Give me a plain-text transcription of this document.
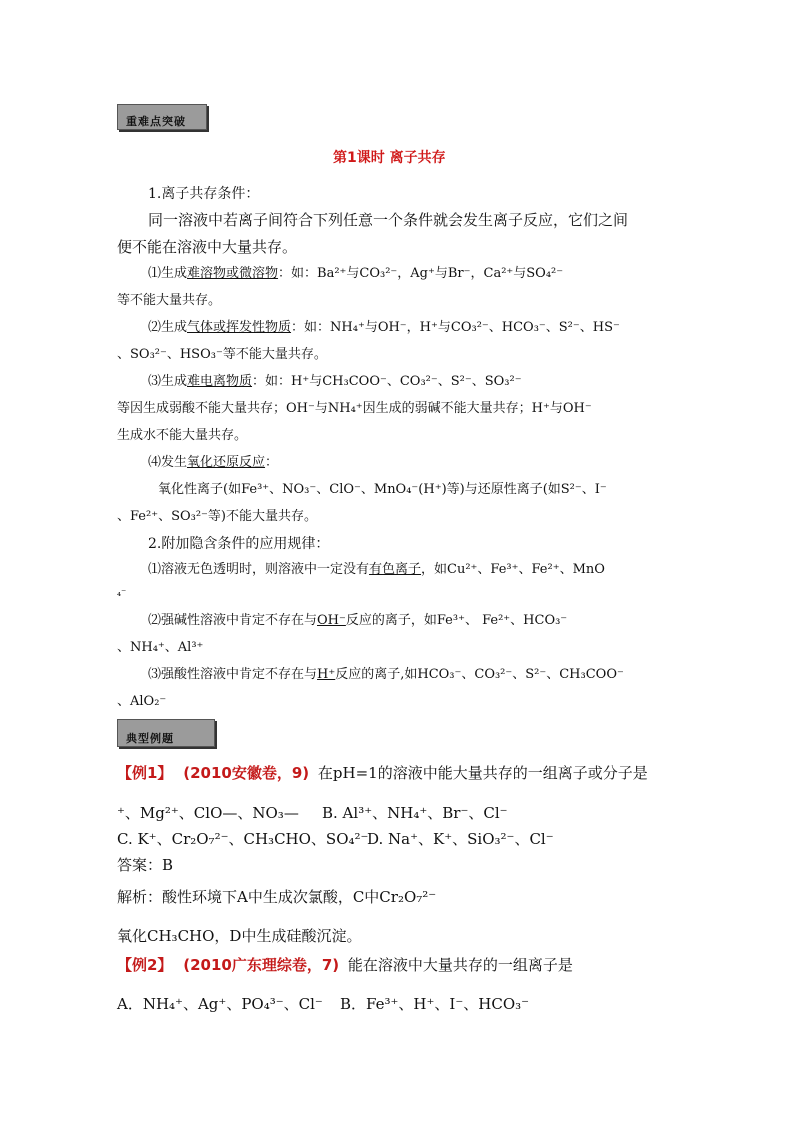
重难点突破
第1课时 离子共存
1.离子共存条件：
同一溶液中若离子间符合下列任意一个条件就会发生离子反应，它们之间
便不能在溶液中大量共存。
⑴生成难溶物或微溶物：如：Ba²⁺与CO₃²⁻，Ag⁺与Br⁻，Ca²⁺与SO₄²⁻
等不能大量共存。
⑵生成气体或挥发性物质：如：NH₄⁺与OH⁻，H⁺与CO₃²⁻、HCO₃⁻、S²⁻、HS⁻
、SO₃²⁻、HSO₃⁻等不能大量共存。
⑶生成难电离物质：如：H⁺与CH₃COO⁻、CO₃²⁻、S²⁻、SO₃²⁻
等因生成弱酸不能大量共存；OH⁻与NH₄⁺因生成的弱碱不能大量共存；H⁺与OH⁻
生成水不能大量共存。
⑷发生氧化还原反应：
氧化性离子(如Fe³⁺、NO₃⁻、ClO⁻、MnO₄⁻(H⁺)等)与还原性离子(如S²⁻、I⁻
、Fe²⁺、SO₃²⁻等)不能大量共存。
2.附加隐含条件的应用规律：
⑴溶液无色透明时，则溶液中一定没有有色离子，如Cu²⁺、Fe³⁺、Fe²⁺、MnO
₄⁻
⑵强碱性溶液中肯定不存在与OH⁻反应的离子，如Fe³⁺、 Fe²⁺、HCO₃⁻
、NH₄⁺、Al³⁺
⑶强酸性溶液中肯定不存在与H⁺反应的离子,如HCO₃⁻、CO₃²⁻、S²⁻、CH₃COO⁻
、AlO₂⁻
典型例题
【例1】 (2010安徽卷，9) 在pH=1的溶液中能大量共存的一组离子或分子是
⁺、Mg²⁺、ClO—、NO₃— B. Al³⁺、NH₄⁺、Br⁻、Cl⁻
C. K⁺、Cr₂O₇²⁻、CH₃CHO、SO₄²⁻
D. Na⁺、K⁺、SiO₃²⁻、Cl⁻
答案：B
解析：酸性环境下A中生成次氯酸，C中Cr₂O₇²⁻
氧化CH₃CHO，D中生成硅酸沉淀。
【例2】 (2010广东理综卷，7) 能在溶液中大量共存的一组离子是
A．NH₄⁺、Ag⁺、PO₄³⁻、Cl⁻ B．Fe³⁺、H⁺、I⁻、HCO₃⁻
